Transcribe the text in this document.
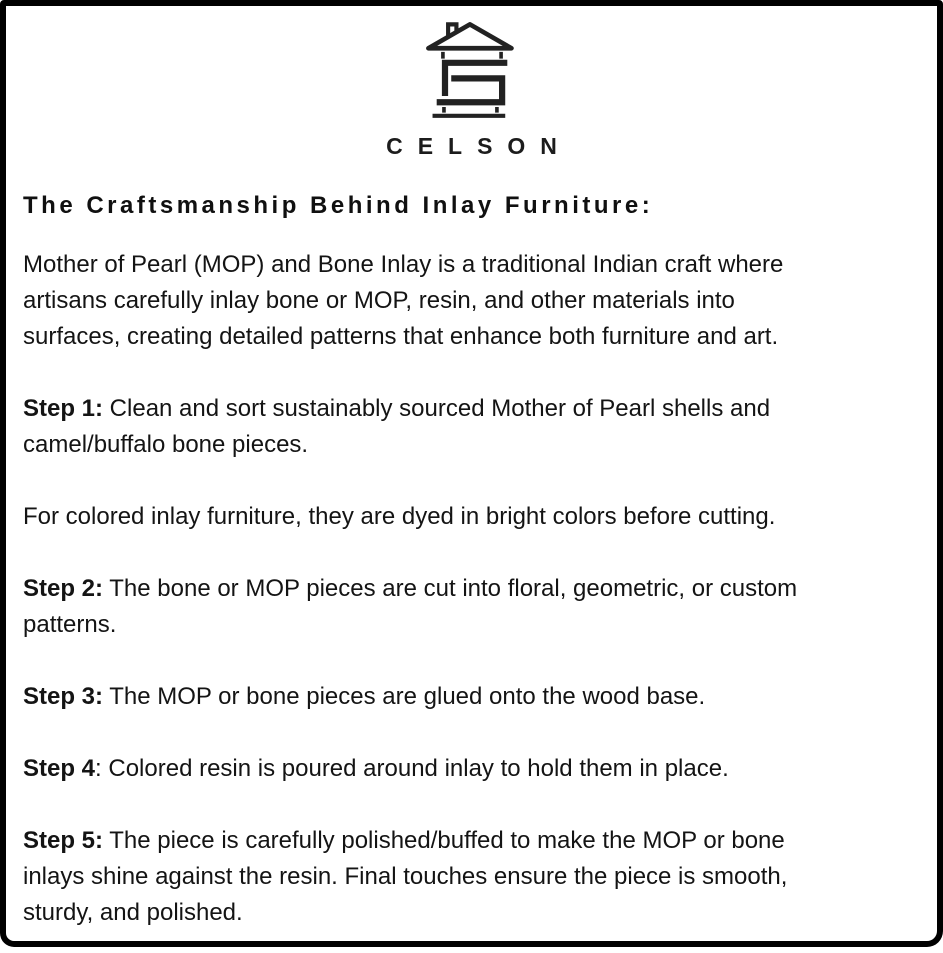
CELSON
The Craftsmanship Behind Inlay Furniture:
Mother of Pearl (MOP) and Bone Inlay is a traditional Indian craft where
artisans carefully inlay bone or MOP, resin, and other materials into
surfaces, creating detailed patterns that enhance both furniture and art.
Step 1: Clean and sort sustainably sourced Mother of Pearl shells and
camel/buffalo bone pieces.
For colored inlay furniture, they are dyed in bright colors before cutting.
Step 2: The bone or MOP pieces are cut into floral, geometric, or custom
patterns.
Step 3: The MOP or bone pieces are glued onto the wood base.
Step 4: Colored resin is poured around inlay to hold them in place.
Step 5: The piece is carefully polished/buffed to make the MOP or bone
inlays shine against the resin. Final touches ensure the piece is smooth,
sturdy, and polished.
